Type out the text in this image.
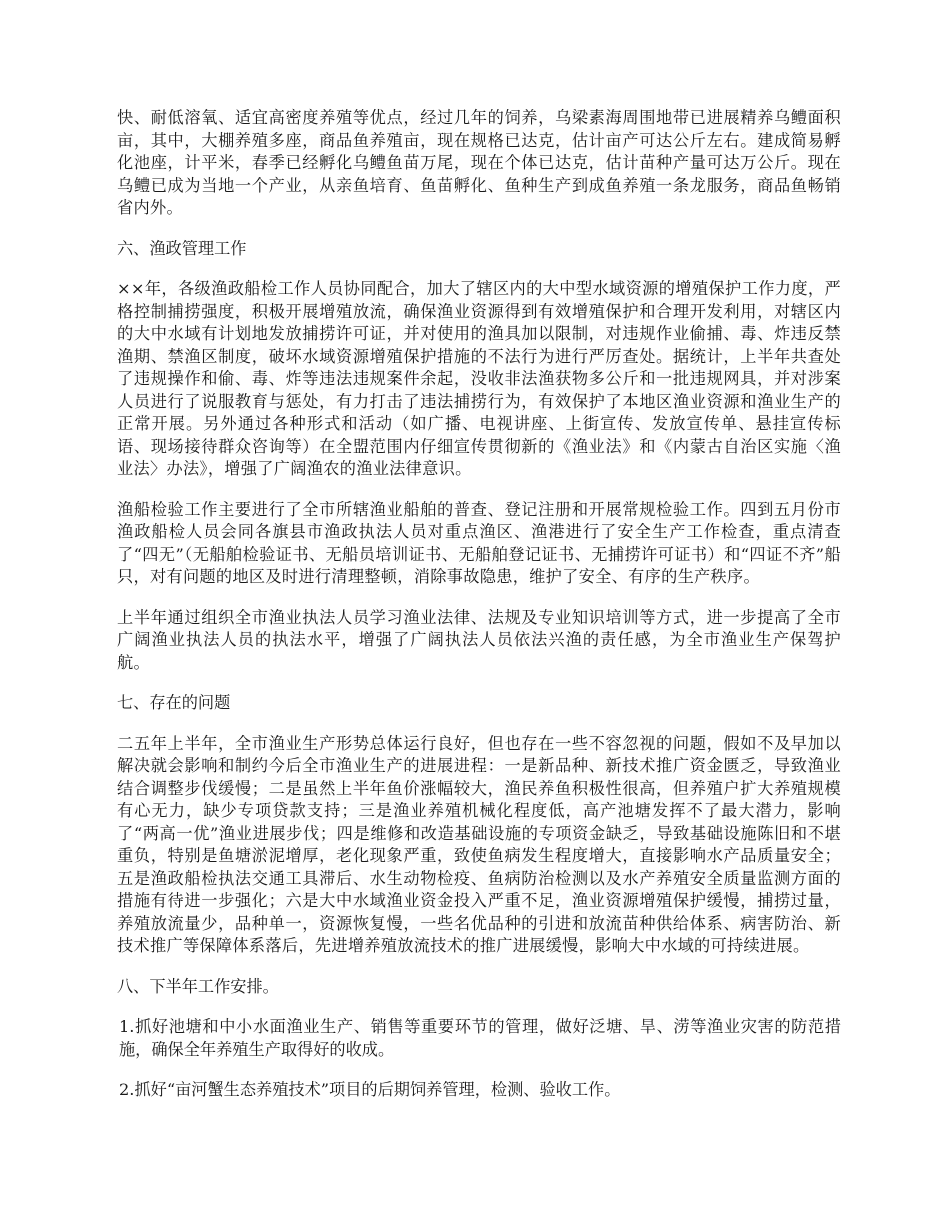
快、耐低溶氧、适宜高密度养殖等优点，经过几年的饲养，乌梁素海周围地带已进展精养乌鳢面积亩，其中，大棚养殖多座，商品鱼养殖亩，现在规格已达克，估计亩产可达公斤左右。建成简易孵化池座，计平米，春季已经孵化乌鳢鱼苗万尾，现在个体已达克，估计苗种产量可达万公斤。现在乌鳢已成为当地一个产业，从亲鱼培育、鱼苗孵化、鱼种生产到成鱼养殖一条龙服务，商品鱼畅销省内外。

六、渔政管理工作

××年，各级渔政船检工作人员协同配合，加大了辖区内的大中型水域资源的增殖保护工作力度，严格控制捕捞强度，积极开展增殖放流，确保渔业资源得到有效增殖保护和合理开发利用，对辖区内的大中水域有计划地发放捕捞许可证，并对使用的渔具加以限制，对违规作业偷捕、毒、炸违反禁渔期、禁渔区制度，破坏水域资源增殖保护措施的不法行为进行严厉查处。据统计，上半年共查处了违规操作和偷、毒、炸等违法违规案件余起，没收非法渔获物多公斤和一批违规网具，并对涉案人员进行了说服教育与惩处，有力打击了违法捕捞行为，有效保护了本地区渔业资源和渔业生产的正常开展。另外通过各种形式和活动（如广播、电视讲座、上街宣传、发放宣传单、悬挂宣传标语、现场接待群众咨询等）在全盟范围内仔细宣传贯彻新的《渔业法》和《内蒙古自治区实施〈渔业法〉办法》，增强了广阔渔农的渔业法律意识。

渔船检验工作主要进行了全市所辖渔业船舶的普查、登记注册和开展常规检验工作。四到五月份市渔政船检人员会同各旗县市渔政执法人员对重点渔区、渔港进行了安全生产工作检查，重点清查了“四无”（无船舶检验证书、无船员培训证书、无船舶登记证书、无捕捞许可证书）和“四证不齐”船只，对有问题的地区及时进行清理整顿，消除事故隐患，维护了安全、有序的生产秩序。

上半年通过组织全市渔业执法人员学习渔业法律、法规及专业知识培训等方式，进一步提高了全市广阔渔业执法人员的执法水平，增强了广阔执法人员依法兴渔的责任感，为全市渔业生产保驾护航。

七、存在的问题

二五年上半年，全市渔业生产形势总体运行良好，但也存在一些不容忽视的问题，假如不及早加以解决就会影响和制约今后全市渔业生产的进展进程：一是新品种、新技术推广资金匮乏，导致渔业结合调整步伐缓慢；二是虽然上半年鱼价涨幅较大，渔民养鱼积极性很高，但养殖户扩大养殖规模有心无力，缺少专项贷款支持；三是渔业养殖机械化程度低，高产池塘发挥不了最大潜力，影响了“两高一优”渔业进展步伐；四是维修和改造基础设施的专项资金缺乏，导致基础设施陈旧和不堪重负，特别是鱼塘淤泥增厚，老化现象严重，致使鱼病发生程度增大，直接影响水产品质量安全；五是渔政船检执法交通工具滞后、水生动物检疫、鱼病防治检测以及水产养殖安全质量监测方面的措施有待进一步强化；六是大中水域渔业资金投入严重不足，渔业资源增殖保护缓慢，捕捞过量，养殖放流量少，品种单一，资源恢复慢，一些名优品种的引进和放流苗种供给体系、病害防治、新技术推广等保障体系落后，先进增养殖放流技术的推广进展缓慢，影响大中水域的可持续进展。

八、下半年工作安排。

1.抓好池塘和中小水面渔业生产、销售等重要环节的管理，做好泛塘、旱、涝等渔业灾害的防范措施，确保全年养殖生产取得好的收成。

2.抓好“亩河蟹生态养殖技术”项目的后期饲养管理，检测、验收工作。
